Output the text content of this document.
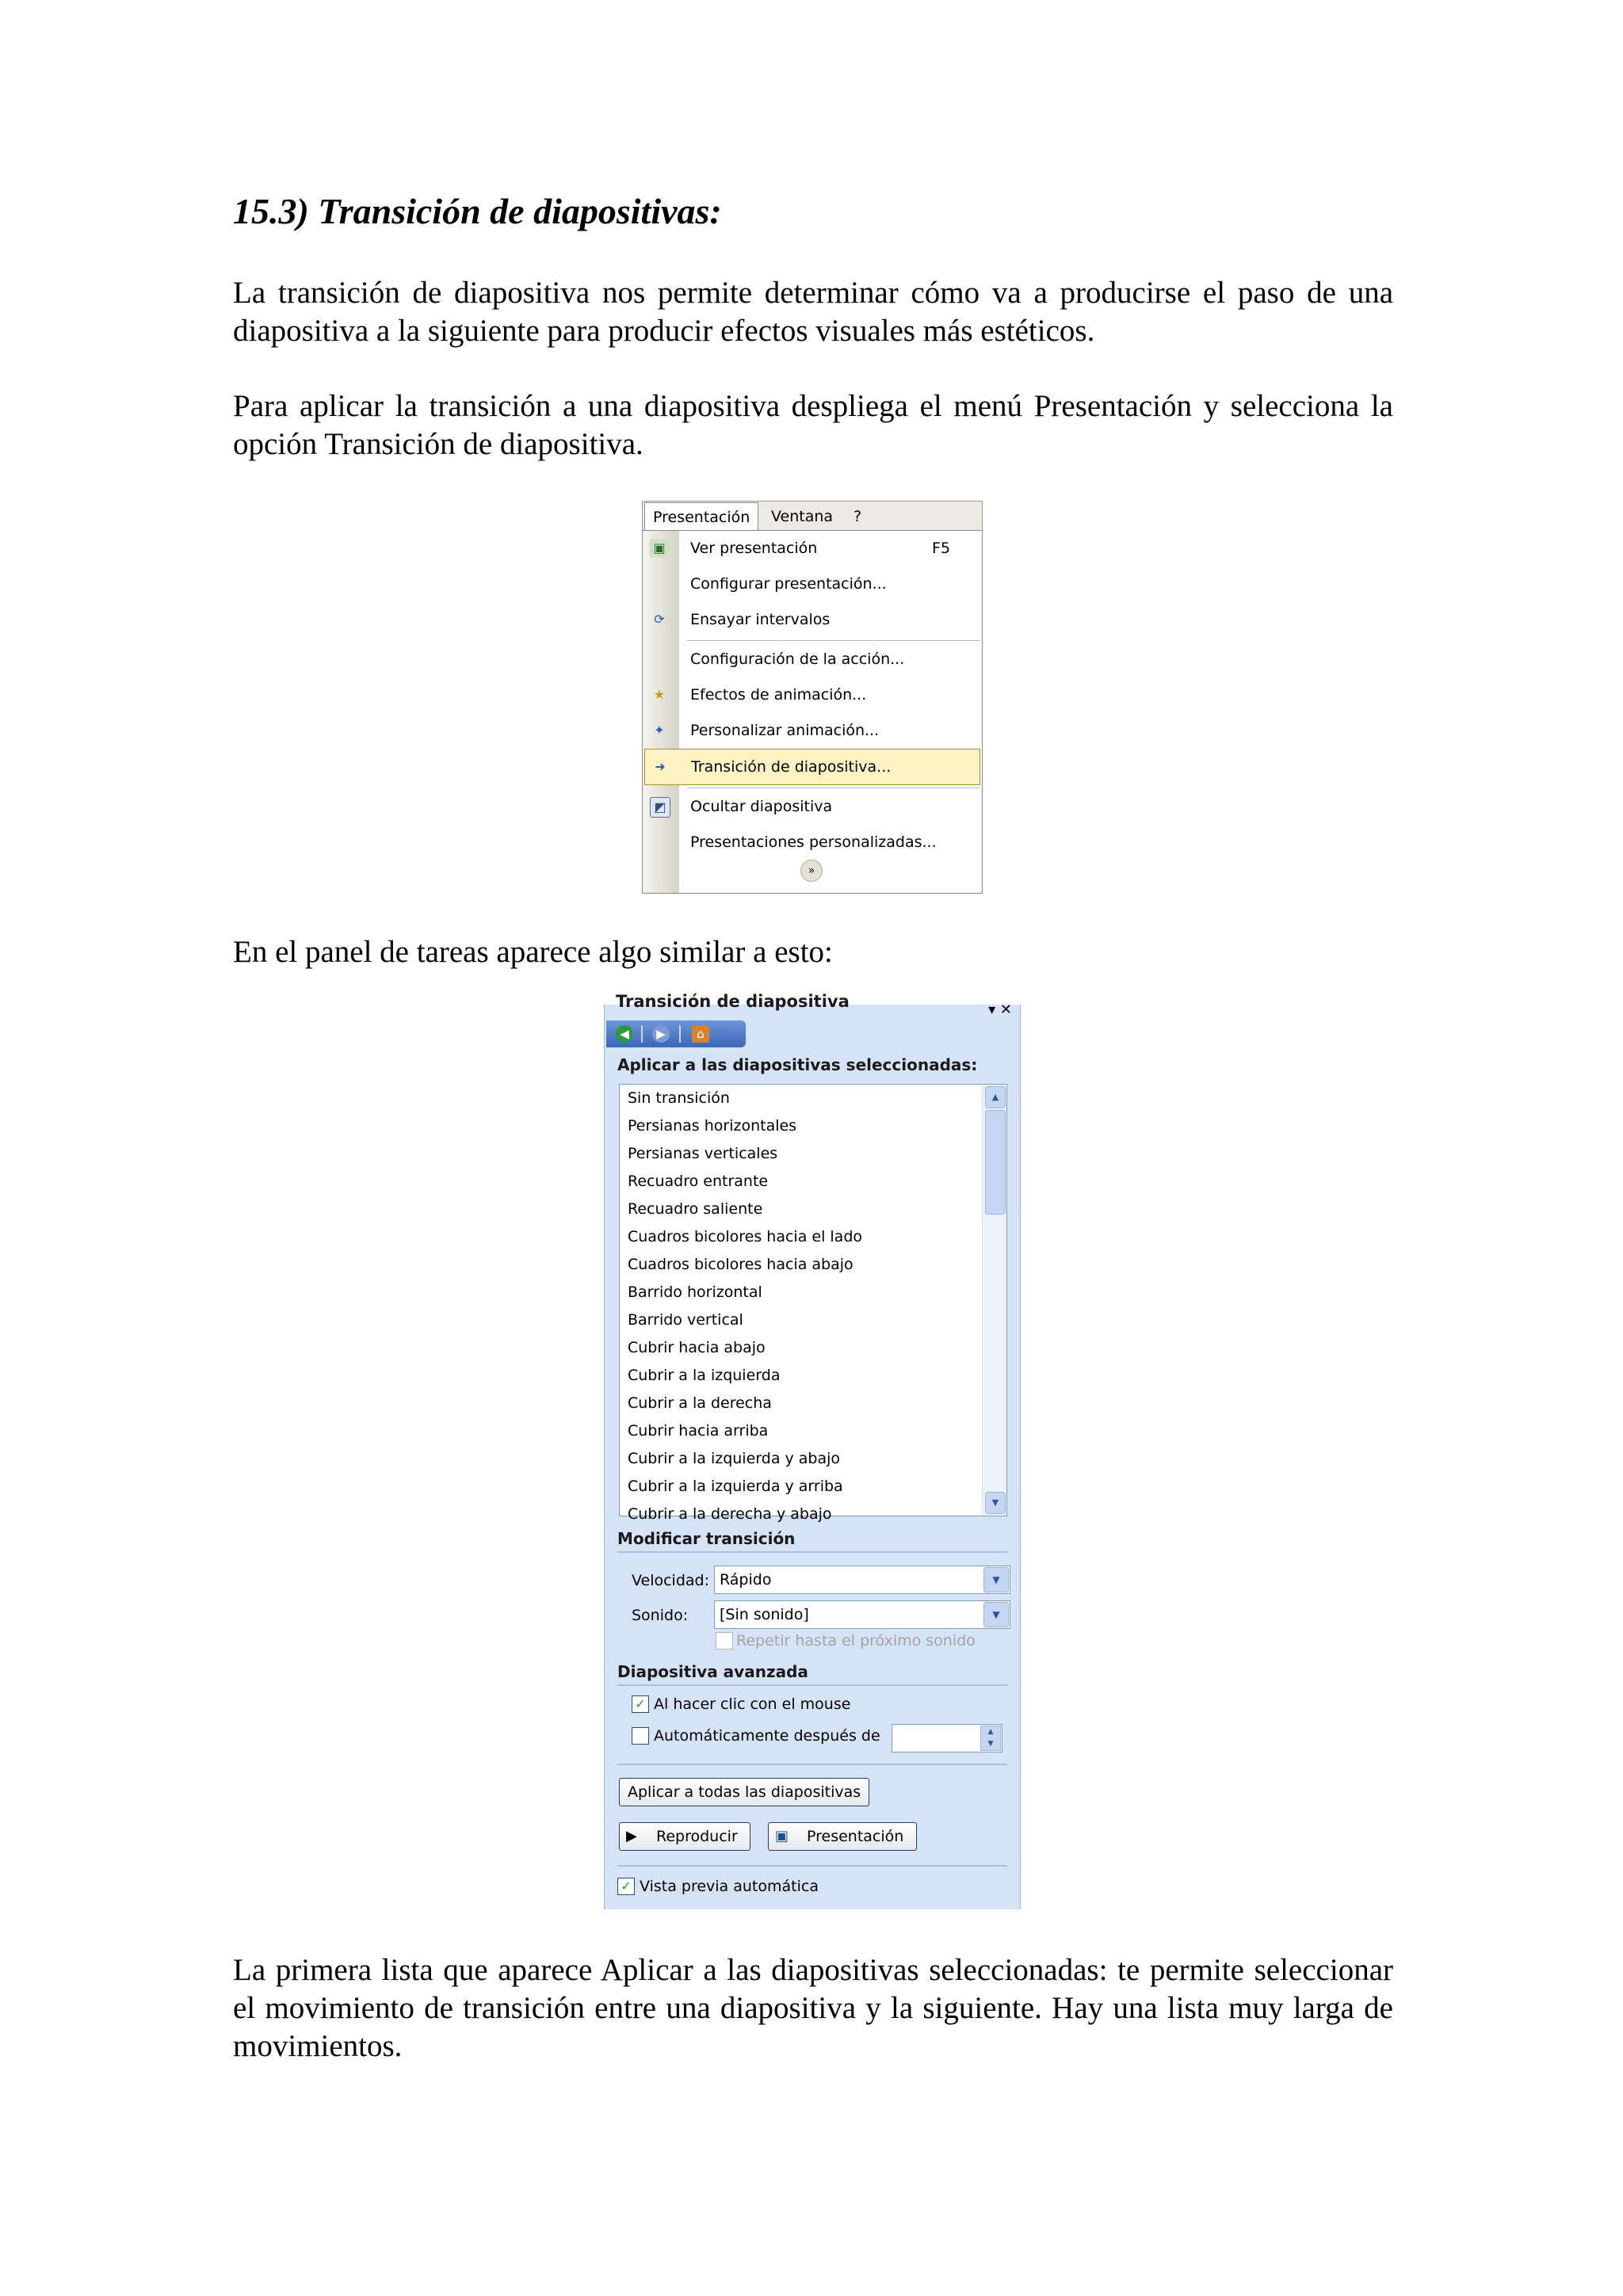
15.3) Transición de diapositivas:

La transición de diapositiva nos permite determinar cómo va a producirse el paso de una diapositiva a la siguiente para producir efectos visuales más estéticos.

Para aplicar la transición a una diapositiva despliega el menú Presentación y selecciona la opción Transición de diapositiva.

Presentación	Ventana	?
▣ Ver presentación	F5
Configurar presentación...
⟳ Ensayar intervalos
Configuración de la acción...
★ Efectos de animación...
✦ Personalizar animación...
➜ Transición de diapositiva...
◩ Ocultar diapositiva
Presentaciones personalizadas...
»

En el panel de tareas aparece algo similar a esto:

Transición de diapositiva	▾ ✕
◀	▶	⌂
Aplicar a las diapositivas seleccionadas:
Sin transición
Persianas horizontales
Persianas verticales
Recuadro entrante
Recuadro saliente
Cuadros bicolores hacia el lado
Cuadros bicolores hacia abajo
Barrido horizontal
Barrido vertical
Cubrir hacia abajo
Cubrir a la izquierda
Cubrir a la derecha
Cubrir hacia arriba
Cubrir a la izquierda y abajo
Cubrir a la izquierda y arriba
Cubrir a la derecha y abajo
▲
▼
Modificar transición
Velocidad: Rápido	▼
Sonido: [Sin sonido]	▼
Repetir hasta el próximo sonido
Diapositiva avanzada
✓ Al hacer clic con el mouse
Automáticamente después de	▲
▼
Aplicar a todas las diapositivas
▶ Reproducir	▣ Presentación
✓ Vista previa automática

La primera lista que aparece Aplicar a las diapositivas seleccionadas: te permite seleccionar el movimiento de transición entre una diapositiva y la siguiente. Hay una lista muy larga de movimientos.
